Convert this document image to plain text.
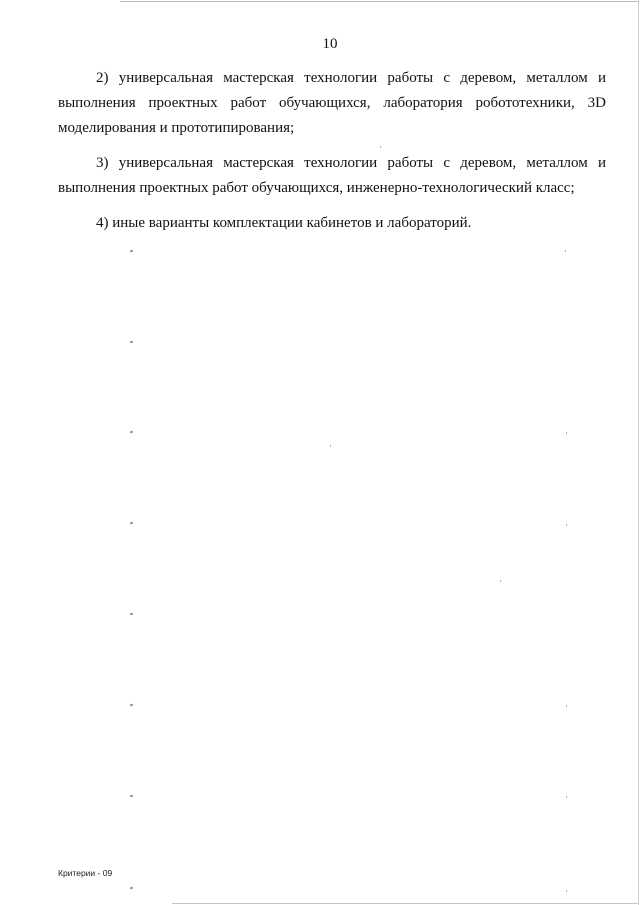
10

2) универсальная мастерская технологии работы с деревом, металлом и выполнения проектных работ обучающихся, лаборатория робототехники, 3D моделирования и прототипирования;

3) универсальная мастерская технологии работы с деревом, металлом и выполнения проектных работ обучающихся, инженерно-технологический класс;

4) иные варианты комплектации кабинетов и лабораторий.

Критерии - 09
